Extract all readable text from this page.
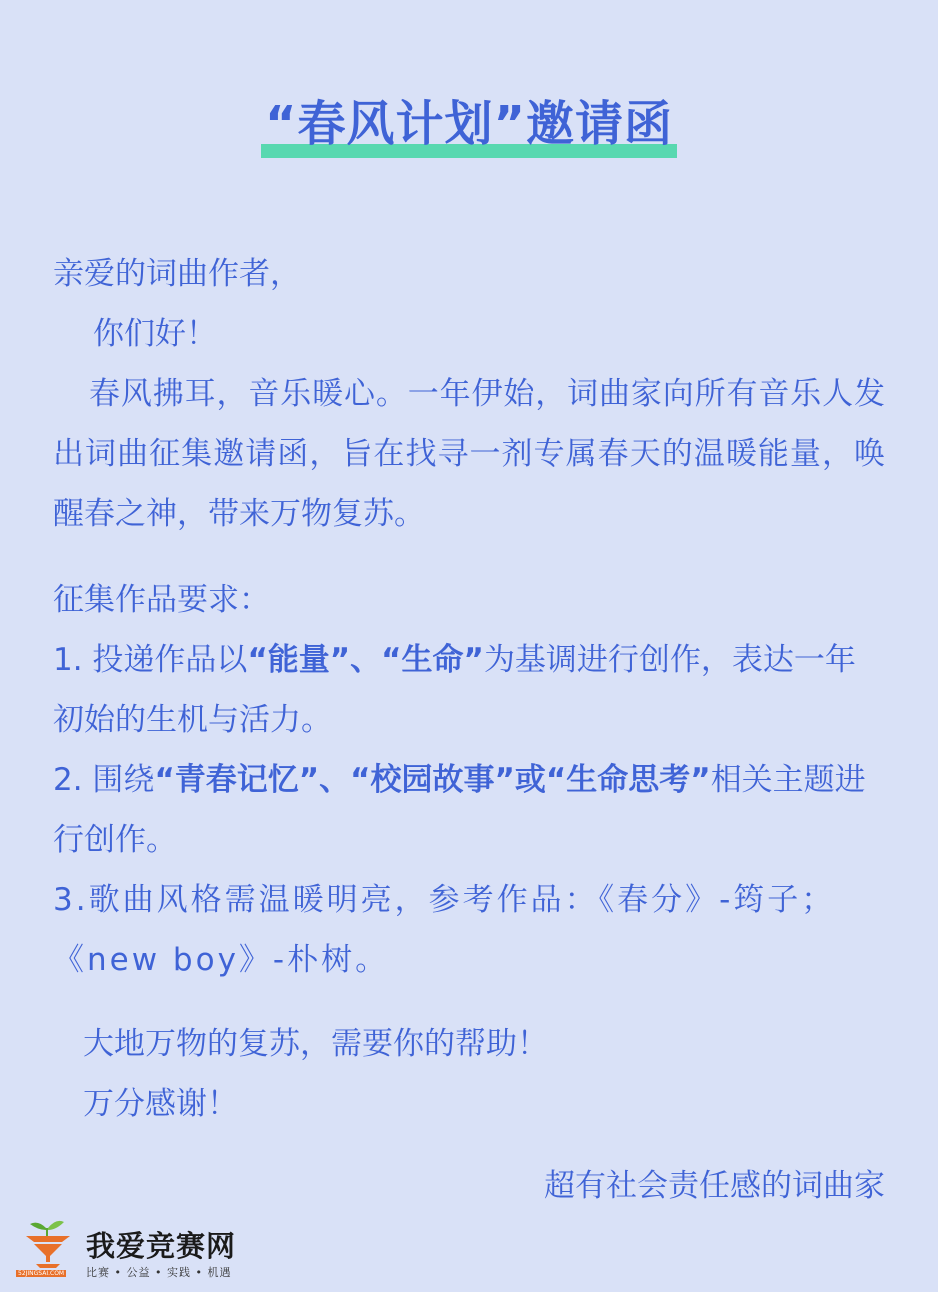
“春风计划”邀请函

亲爱的词曲作者，

你们好！

春风拂耳，音乐暖心。一年伊始，词曲家向所有音乐人发出词曲征集邀请函，旨在找寻一剂专属春天的温暖能量，唤醒春之神，带来万物复苏。

征集作品要求：

1. 投递作品以“能量”、“生命”为基调进行创作，表达一年初始的生机与活力。

2. 围绕“青春记忆”、“校园故事”或“生命思考”相关主题进行创作。

3.歌曲风格需温暖明亮，参考作品：《春分》-筠子；《new boy》-朴树。

大地万物的复苏，需要你的帮助！

万分感谢！

超有社会责任感的词曲家
52JINGSAI.COM
我爱竞赛网
比赛 • 公益 • 实践 • 机遇
